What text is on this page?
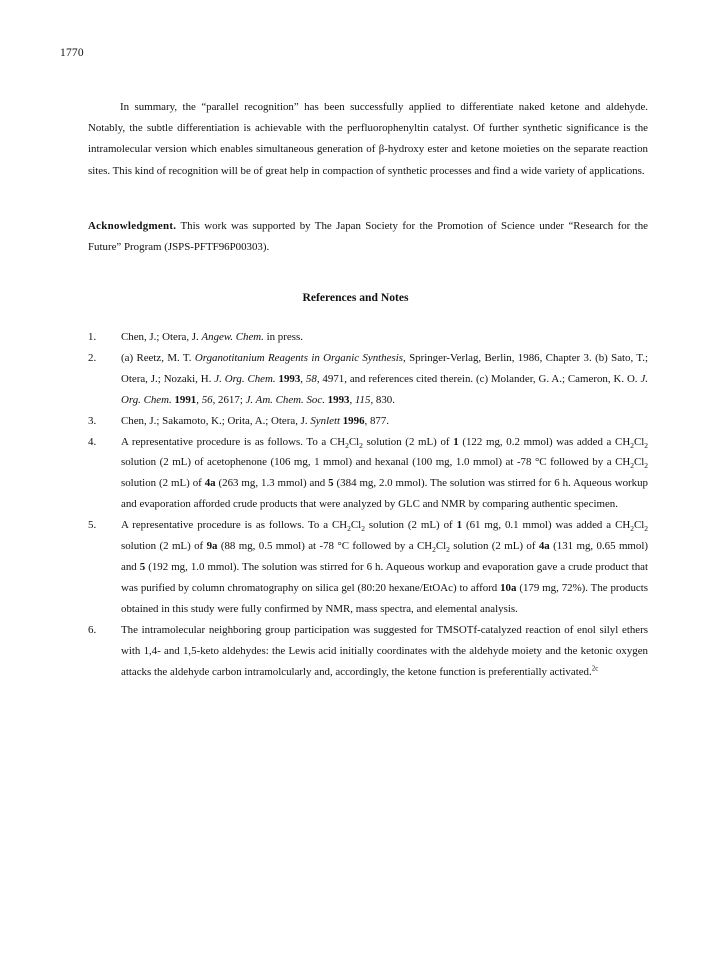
1770

In summary, the “parallel recognition” has been successfully applied to differentiate naked ketone and aldehyde. Notably, the subtle differentiation is achievable with the perfluorophenyltin catalyst. Of further synthetic significance is the intramolecular version which enables simultaneous generation of β-hydroxy ester and ketone moieties on the separate reaction sites. This kind of recognition will be of great help in compaction of synthetic processes and find a wide variety of applications.

Acknowledgment. This work was supported by The Japan Society for the Promotion of Science under “Research for the Future” Program (JSPS-PFTF96P00303).

References and Notes
1.	Chen, J.; Otera, J. Angew. Chem. in press.
2.	(a) Reetz, M. T. Organotitanium Reagents in Organic Synthesis, Springer-Verlag, Berlin, 1986, Chapter 3. (b) Sato, T.; Otera, J.; Nozaki, H. J. Org. Chem. 1993, 58, 4971, and references cited therein. (c) Molander, G. A.; Cameron, K. O. J. Org. Chem. 1991, 56, 2617; J. Am. Chem. Soc. 1993, 115, 830.
3.	Chen, J.; Sakamoto, K.; Orita, A.; Otera, J. Synlett 1996, 877.
4.	A representative procedure is as follows. To a $CH_2Cl_2$ solution (2 mL) of 1 (122 mg, 0.2 mmol) was added a $CH_2Cl_2$ solution (2 mL) of acetophenone (106 mg, 1 mmol) and hexanal (100 mg, 1.0 mmol) at -78 °C followed by a $CH_2Cl_2$ solution (2 mL) of 4a (263 mg, 1.3 mmol) and 5 (384 mg, 2.0 mmol). The solution was stirred for 6 h. Aqueous workup and evaporation afforded crude products that were analyzed by GLC and NMR by comparing authentic specimen.
5.	A representative procedure is as follows. To a $CH_2Cl_2$ solution (2 mL) of 1 (61 mg, 0.1 mmol) was added a $CH_2Cl_2$ solution (2 mL) of 9a (88 mg, 0.5 mmol) at -78 °C followed by a $CH_2Cl_2$ solution (2 mL) of 4a (131 mg, 0.65 mmol) and 5 (192 mg, 1.0 mmol). The solution was stirred for 6 h. Aqueous workup and evaporation gave a crude product that was purified by column chromatography on silica gel (80:20 hexane/EtOAc) to afford 10a (179 mg, 72%). The products obtained in this study were fully confirmed by NMR, mass spectra, and elemental analysis.
6.	The intramolecular neighboring group participation was suggested for TMSOTf-catalyzed reaction of enol silyl ethers with 1,4- and 1,5-keto aldehydes: the Lewis acid initially coordinates with the aldehyde moiety and the ketonic oxygen attacks the aldehyde carbon intramolcularly and, accordingly, the ketone function is preferentially activated.$^{2c}$
